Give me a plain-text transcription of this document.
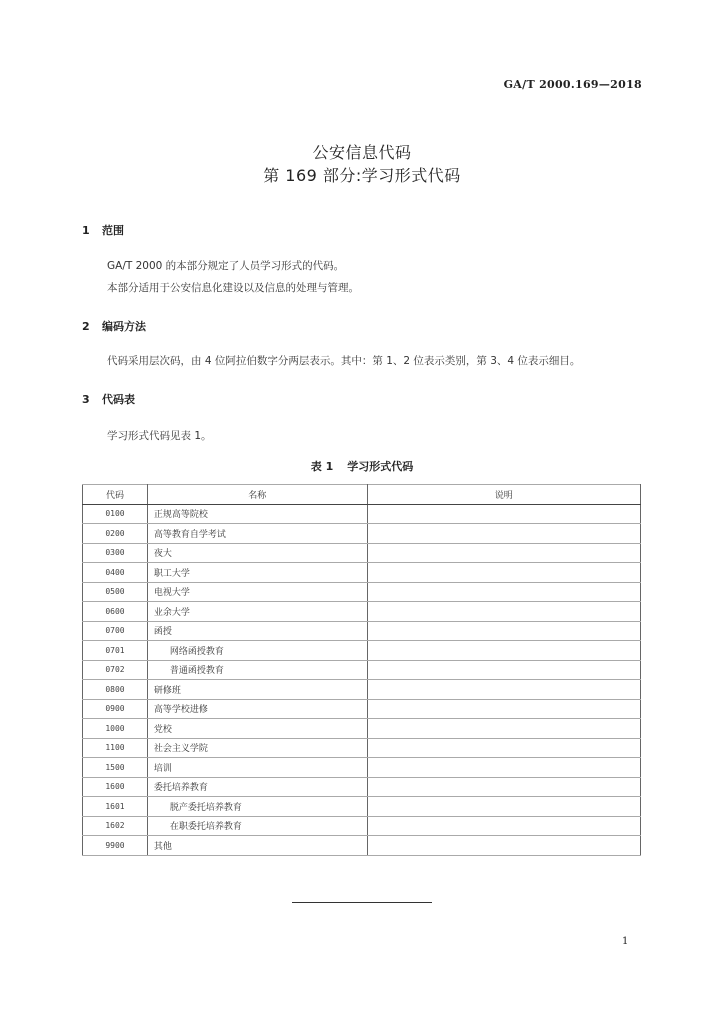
GA/T 2000.169—2018
公安信息代码
第 169 部分:学习形式代码
1 范围
GA/T 2000 的本部分规定了人员学习形式的代码。
本部分适用于公安信息化建设以及信息的处理与管理。
2 编码方法
代码采用层次码，由 4 位阿拉伯数字分两层表示。其中：第 1、2 位表示类别，第 3、4 位表示细目。
3 代码表
学习形式代码见表 1。
表 1 学习形式代码
代码	名称	说明
0100	正规高等院校	
0200	高等教育自学考试	
0300	夜大	
0400	职工大学	
0500	电视大学	
0600	业余大学	
0700	函授	
0701	网络函授教育	
0702	普通函授教育	
0800	研修班	
0900	高等学校进修	
1000	党校	
1100	社会主义学院	
1500	培训	
1600	委托培养教育	
1601	脱产委托培养教育	
1602	在职委托培养教育	
9900	其他	
1
